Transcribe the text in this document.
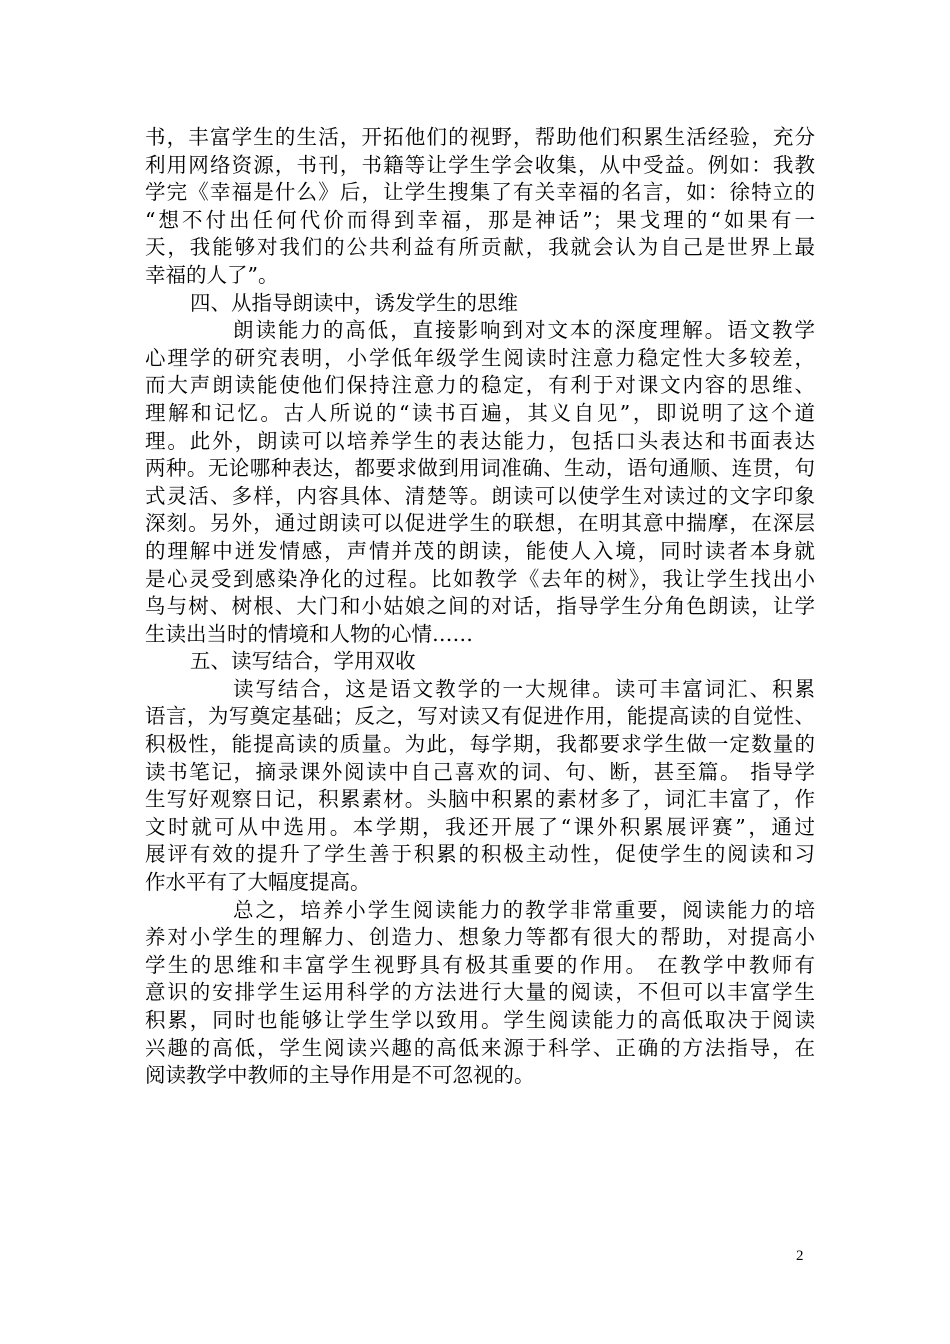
书，丰富学生的生活，开拓他们的视野，帮助他们积累生活经验，充分
利用网络资源，书刊，书籍等让学生学会收集，从中受益。例如：我教
学完《幸福是什么》后，让学生搜集了有关幸福的名言，如：徐特立的
“想不付出任何代价而得到幸福，那是神话”；果戈理的“如果有一
天，我能够对我们的公共利益有所贡献，我就会认为自己是世界上最
幸福的人了”。
四、从指导朗读中，诱发学生的思维
朗读能力的高低，直接影响到对文本的深度理解。语文教学
心理学的研究表明，小学低年级学生阅读时注意力稳定性大多较差，
而大声朗读能使他们保持注意力的稳定，有利于对课文内容的思维、
理解和记忆。古人所说的“读书百遍，其义自见”，即说明了这个道
理。此外，朗读可以培养学生的表达能力，包括口头表达和书面表达
两种。无论哪种表达，都要求做到用词准确、生动，语句通顺、连贯，句
式灵活、多样，内容具体、清楚等。朗读可以使学生对读过的文字印象
深刻。另外，通过朗读可以促进学生的联想，在明其意中揣摩，在深层
的理解中迸发情感，声情并茂的朗读，能使人入境，同时读者本身就
是心灵受到感染净化的过程。比如教学《去年的树》，我让学生找出小
鸟与树、树根、大门和小姑娘之间的对话，指导学生分角色朗读，让学
生读出当时的情境和人物的心情……
五、读写结合，学用双收
读写结合，这是语文教学的一大规律。读可丰富词汇、积累
语言，为写奠定基础；反之，写对读又有促进作用，能提高读的自觉性、
积极性，能提高读的质量。为此，每学期，我都要求学生做一定数量的
读书笔记，摘录课外阅读中自己喜欢的词、句、断，甚至篇。 指导学
生写好观察日记，积累素材。头脑中积累的素材多了，词汇丰富了，作
文时就可从中选用。本学期，我还开展了“课外积累展评赛”，通过
展评有效的提升了学生善于积累的积极主动性，促使学生的阅读和习
作水平有了大幅度提高。
总之，培养小学生阅读能力的教学非常重要，阅读能力的培
养对小学生的理解力、创造力、想象力等都有很大的帮助，对提高小
学生的思维和丰富学生视野具有极其重要的作用。 在教学中教师有
意识的安排学生运用科学的方法进行大量的阅读，不但可以丰富学生
积累，同时也能够让学生学以致用。学生阅读能力的高低取决于阅读
兴趣的高低，学生阅读兴趣的高低来源于科学、正确的方法指导，在
阅读教学中教师的主导作用是不可忽视的。
2
